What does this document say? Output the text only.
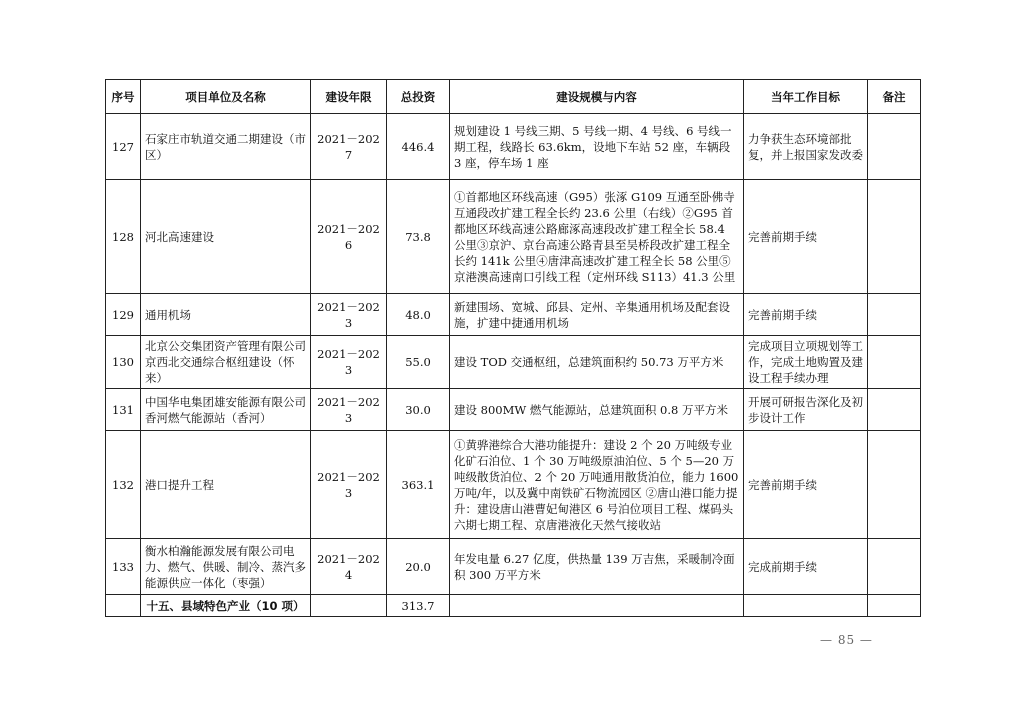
序号	项目单位及名称	建设年限	总投资	建设规模与内容	当年工作目标	备注
127	石家庄市轨道交通二期建设（市区）	2021－2027	446.4	规划建设 1 号线三期、5 号线一期、4 号线、6 号线一期工程，线路长 63.6km，设地下车站 52 座，车辆段 3 座，停车场 1 座	力争获生态环境部批复，并上报国家发改委	
128	河北高速建设	2021－2026	73.8	①首都地区环线高速（G95）张涿 G109 互通至卧佛寺互通段改扩建工程全长约 23.6 公里（右线）②G95 首都地区环线高速公路廊涿高速段改扩建工程全长 58.4 公里③京沪、京台高速公路青县至吴桥段改扩建工程全长约 141k 公里④唐津高速改扩建工程全长 58 公里⑤京港澳高速南口引线工程（定州环线 S113）41.3 公里	完善前期手续	
129	通用机场	2021－2023	48.0	新建围场、宽城、邱县、定州、辛集通用机场及配套设施，扩建中捷通用机场	完善前期手续	
130	北京公交集团资产管理有限公司京西北交通综合枢纽建设（怀来）	2021－2023	55.0	建设 TOD 交通枢纽，总建筑面积约 50.73 万平方米	完成项目立项规划等工作，完成土地购置及建设工程手续办理	
131	中国华电集团雄安能源有限公司香河燃气能源站（香河）	2021－2023	30.0	建设 800MW 燃气能源站，总建筑面积 0.8 万平方米	开展可研报告深化及初步设计工作	
132	港口提升工程	2021－2023	363.1	①黄骅港综合大港功能提升：建设 2 个 20 万吨级专业化矿石泊位、1 个 30 万吨级原油泊位、5 个 5—20 万吨级散货泊位、2 个 20 万吨通用散货泊位，能力 1600 万吨/年，以及冀中南铁矿石物流园区 ②唐山港口能力提升：建设唐山港曹妃甸港区 6 号泊位项目工程、煤码头六期七期工程、京唐港液化天然气接收站	完善前期手续	
133	衡水柏瀚能源发展有限公司电力、燃气、供暖、制冷、蒸汽多能源供应一体化（枣强）	2021－2024	20.0	年发电量 6.27 亿度，供热量 139 万吉焦，采暖制冷面积 300 万平方米	完成前期手续	
	十五、县域特色产业（10 项）		313.7			
— 85 —
